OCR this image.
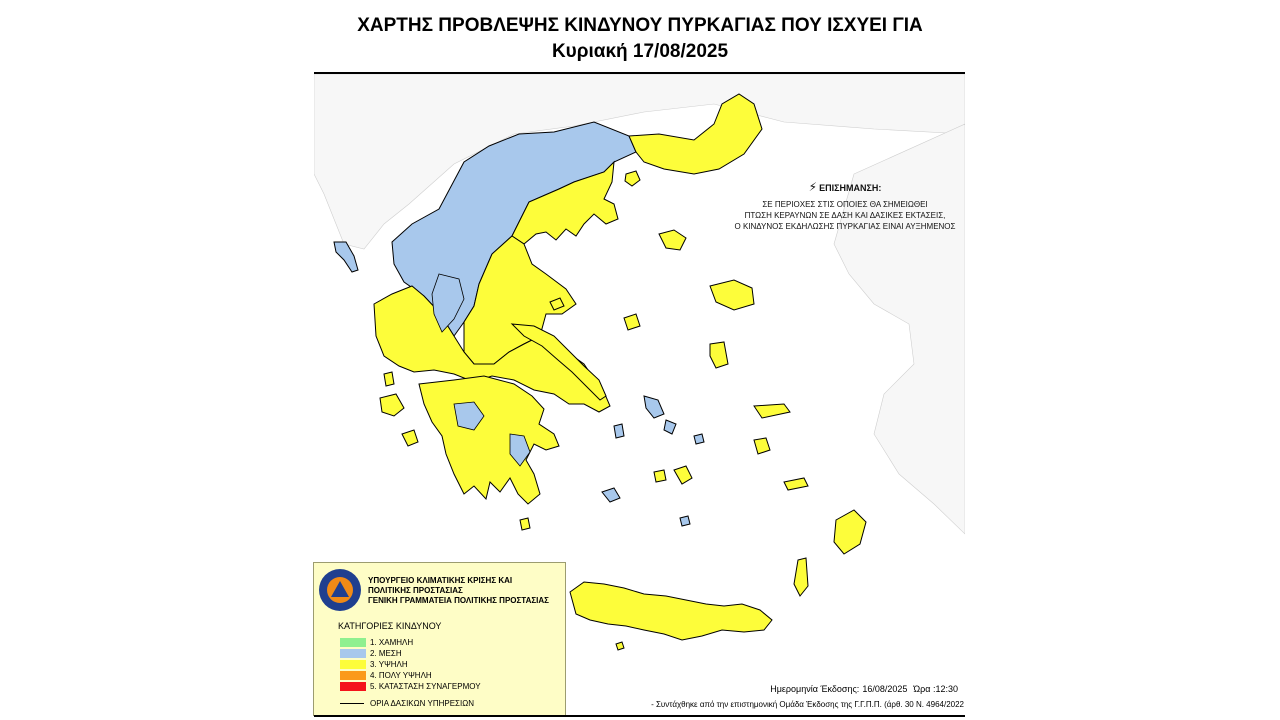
ΧΑΡΤΗΣ ΠΡΟΒΛΕΨΗΣ ΚΙΝΔΥΝΟΥ ΠΥΡΚΑΓΙΑΣ ΠΟΥ ΙΣΧΥΕΙ ΓΙΑ
Κυριακή 17/08/2025
⚡ ΕΠΙΣΗΜΑΝΣΗ:
ΣΕ ΠΕΡΙΟΧΕΣ ΣΤΙΣ ΟΠΟΙΕΣ ΘΑ ΣΗΜΕΙΩΘΕΙ
ΠΤΩΣΗ ΚΕΡΑΥΝΩΝ ΣΕ ΔΑΣΗ ΚΑΙ ΔΑΣΙΚΕΣ ΕΚΤΑΣΕΙΣ,
Ο ΚΙΝΔΥΝΟΣ ΕΚΔΗΛΩΣΗΣ ΠΥΡΚΑΓΙΑΣ ΕΙΝΑΙ ΑΥΞΗΜΕΝΟΣ
ΥΠΟΥΡΓΕΙΟ ΚΛΙΜΑΤΙΚΗΣ ΚΡΙΣΗΣ ΚΑΙ
ΠΟΛΙΤΙΚΗΣ ΠΡΟΣΤΑΣΙΑΣ
ΓΕΝΙΚΗ ΓΡΑΜΜΑΤΕΙΑ ΠΟΛΙΤΙΚΗΣ ΠΡΟΣΤΑΣΙΑΣ
ΚΑΤΗΓΟΡΙΕΣ ΚΙΝΔΥΝΟΥ
1. ΧΑΜΗΛΗ
2. ΜΕΣΗ
3. ΥΨΗΛΗ
4. ΠΟΛΥ ΥΨΗΛΗ
5. ΚΑΤΑΣΤΑΣΗ ΣΥΝΑΓΕΡΜΟΥ
ΟΡΙΑ ΔΑΣΙΚΩΝ ΥΠΗΡΕΣΙΩΝ
Ημερομηνία Έκδοσης: 16/08/2025 Ώρα :12:30
- Συντάχθηκε από την επιστημονική Ομάδα Έκδοσης της Γ.Γ.Π.Π. (άρθ. 30 Ν. 4964/2022
